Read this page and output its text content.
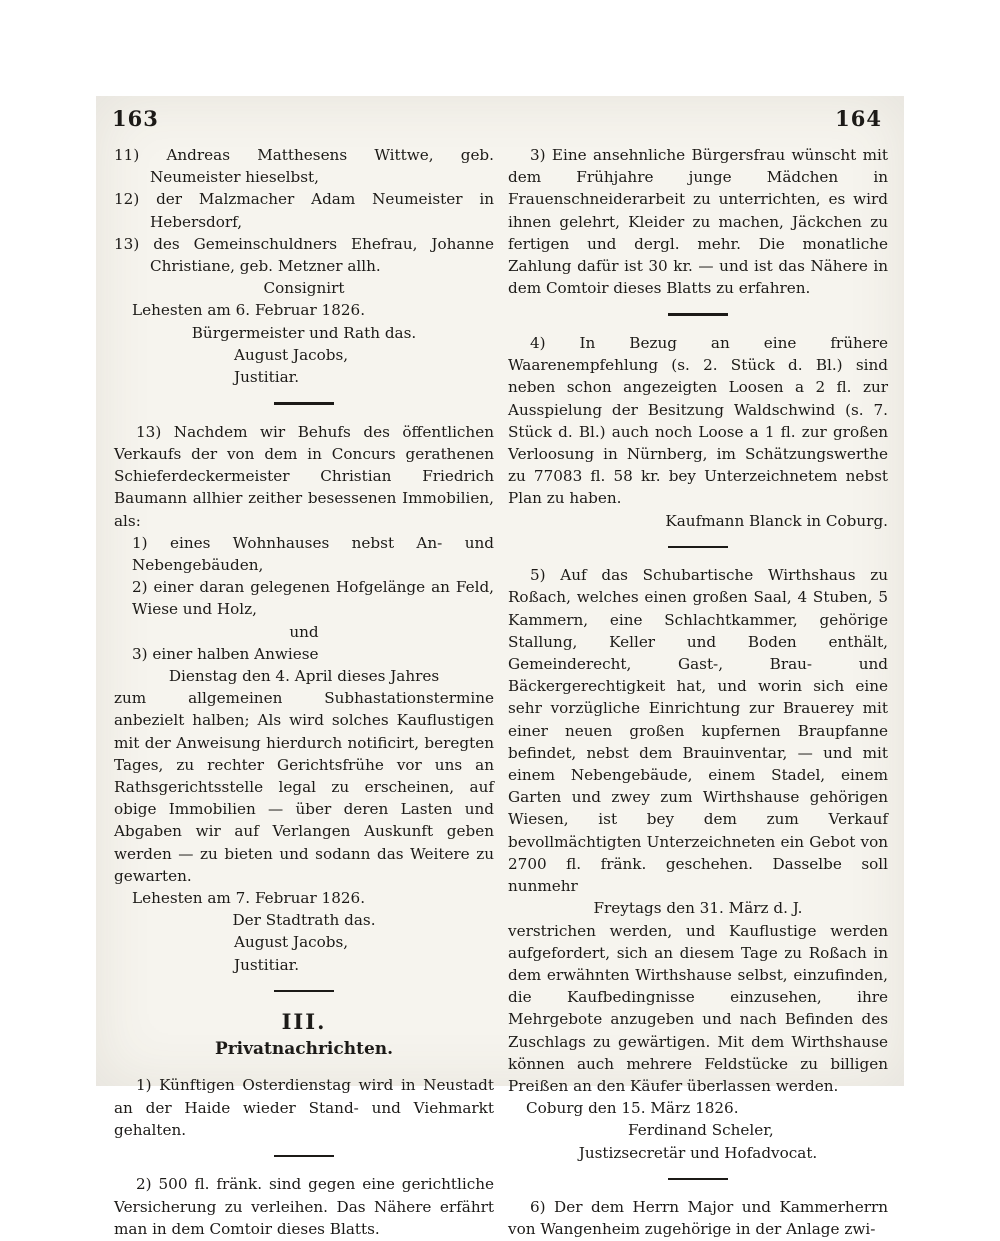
163	164

11) Andreas Matthesens Wittwe, geb. Neumeister hieselbst,

12) der Malzmacher Adam Neumeister in Hebersdorf,

13) des Gemeinschuldners Ehefrau, Johanne Christiane, geb. Metzner allh.

Consignirt

Lehesten am 6. Februar 1826.

Bürgermeister und Rath das.

August Jacobs,

Justitiar.

13) Nachdem wir Behufs des öffentlichen Verkaufs der von dem in Concurs gerathenen Schieferdeckermeister Christian Friedrich Baumann allhier zeither besessenen Immobilien, als:

1) eines Wohnhauses nebst An- und Nebengebäuden,

2) einer daran gelegenen Hofgelänge an Feld, Wiese und Holz,

und

3) einer halben Anwiese

Dienstag den 4. April dieses Jahres

zum allgemeinen Subhastationstermine anbezielt halben; Als wird solches Kauflustigen mit der Anweisung hierdurch notificirt, beregten Tages, zu rechter Gerichtsfrühe vor uns an Rathsgerichtsstelle legal zu erscheinen, auf obige Immobilien — über deren Lasten und Abgaben wir auf Verlangen Auskunft geben werden — zu bieten und sodann das Weitere zu gewarten.

Lehesten am 7. Februar 1826.

Der Stadtrath das.

August Jacobs,

Justitiar.

III.

Privatnachrichten.

1) Künftigen Osterdienstag wird in Neustadt an der Haide wieder Stand- und Viehmarkt gehalten.

2) 500 fl. fränk. sind gegen eine gerichtliche Versicherung zu verleihen. Das Nähere erfährt man in dem Comtoir dieses Blatts.

3) Eine ansehnliche Bürgersfrau wünscht mit dem Frühjahre junge Mädchen in Frauenschneiderarbeit zu unterrichten, es wird ihnen gelehrt, Kleider zu machen, Jäckchen zu fertigen und dergl. mehr. Die monatliche Zahlung dafür ist 30 kr. — und ist das Nähere in dem Comtoir dieses Blatts zu erfahren.

4) In Bezug an eine frühere Waarenempfehlung (s. 2. Stück d. Bl.) sind neben schon angezeigten Loosen a 2 fl. zur Ausspielung der Besitzung Waldschwind (s. 7. Stück d. Bl.) auch noch Loose a 1 fl. zur großen Verloosung in Nürnberg, im Schätzungswerthe zu 77083 fl. 58 kr. bey Unterzeichnetem nebst Plan zu haben.

Kaufmann Blanck in Coburg.

5) Auf das Schubartische Wirthshaus zu Roßach, welches einen großen Saal, 4 Stuben, 5 Kammern, eine Schlachtkammer, gehörige Stallung, Keller und Boden enthält, Gemeinderecht, Gast-, Brau- und Bäckergerechtigkeit hat, und worin sich eine sehr vorzügliche Einrichtung zur Brauerey mit einer neuen großen kupfernen Braupfanne befindet, nebst dem Brauinventar, — und mit einem Nebengebäude, einem Stadel, einem Garten und zwey zum Wirthshause gehörigen Wiesen, ist bey dem zum Verkauf bevollmächtigten Unterzeichneten ein Gebot von 2700 fl. fränk. geschehen. Dasselbe soll nunmehr

Freytags den 31. März d. J.

verstrichen werden, und Kauflustige werden aufgefordert, sich an diesem Tage zu Roßach in dem erwähnten Wirthshause selbst, einzufinden, die Kaufbedingnisse einzusehen, ihre Mehrgebote anzugeben und nach Befinden des Zuschlags zu gewärtigen. Mit dem Wirthshause können auch mehrere Feldstücke zu billigen Preißen an den Käufer überlassen werden.

Coburg den 15. März 1826.

Ferdinand Scheler,

Justizsecretär und Hofadvocat.

6) Der dem Herrn Major und Kammerherrn von Wangenheim zugehörige in der Anlage zwi-
